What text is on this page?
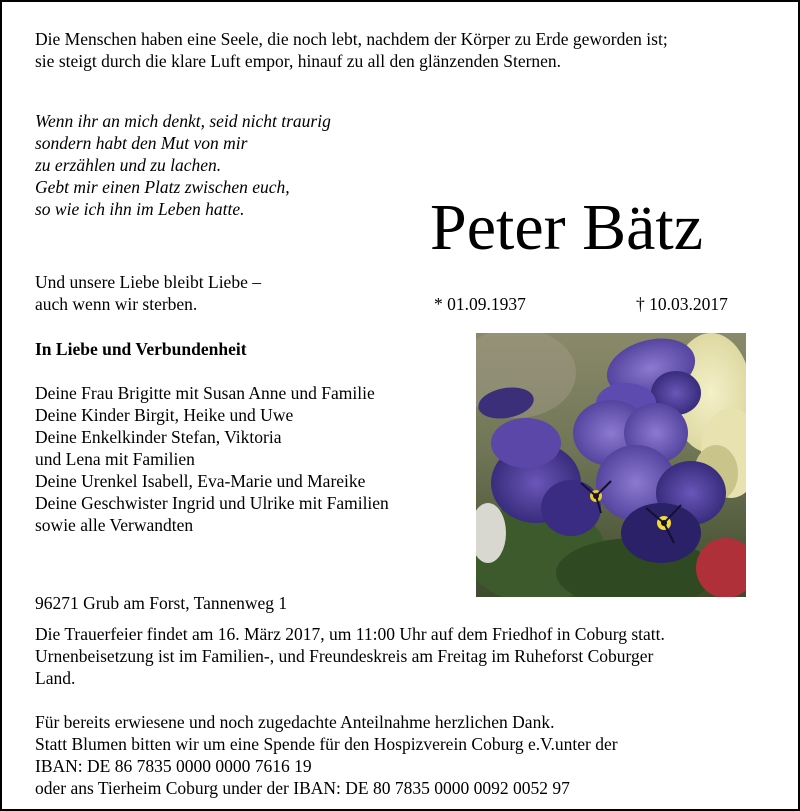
Die Menschen haben eine Seele, die noch lebt, nachdem der Körper zu Erde geworden ist;
sie steigt durch die klare Luft empor, hinauf zu all den glänzenden Sternen.
Wenn ihr an mich denkt, seid nicht traurig
sondern habt den Mut von mir
zu erzählen und zu lachen.
Gebt mir einen Platz zwischen euch,
so wie ich ihn im Leben hatte.	Peter Bätz
Und unsere Liebe bleibt Liebe –
auch wenn wir sterben.	* 01.09.1937	† 10.03.2017
In Liebe und Verbundenheit
Deine Frau Brigitte mit Susan Anne und Familie
Deine Kinder Birgit, Heike und Uwe
Deine Enkelkinder Stefan, Viktoria
und Lena mit Familien
Deine Urenkel Isabell, Eva-Marie und Mareike
Deine Geschwister Ingrid und Ulrike mit Familien
sowie alle Verwandten
96271 Grub am Forst, Tannenweg 1
Die Trauerfeier findet am 16. März 2017, um 11:00 Uhr auf dem Friedhof in Coburg statt.
Urnenbeisetzung ist im Familien-, und Freundeskreis am Freitag im Ruheforst Coburger
Land.
Für bereits erwiesene und noch zugedachte Anteilnahme herzlichen Dank.
Statt Blumen bitten wir um eine Spende für den Hospizverein Coburg e.V.unter der
IBAN: DE 86 7835 0000 0000 7616 19
oder ans Tierheim Coburg under der IBAN: DE 80 7835 0000 0092 0052 97
